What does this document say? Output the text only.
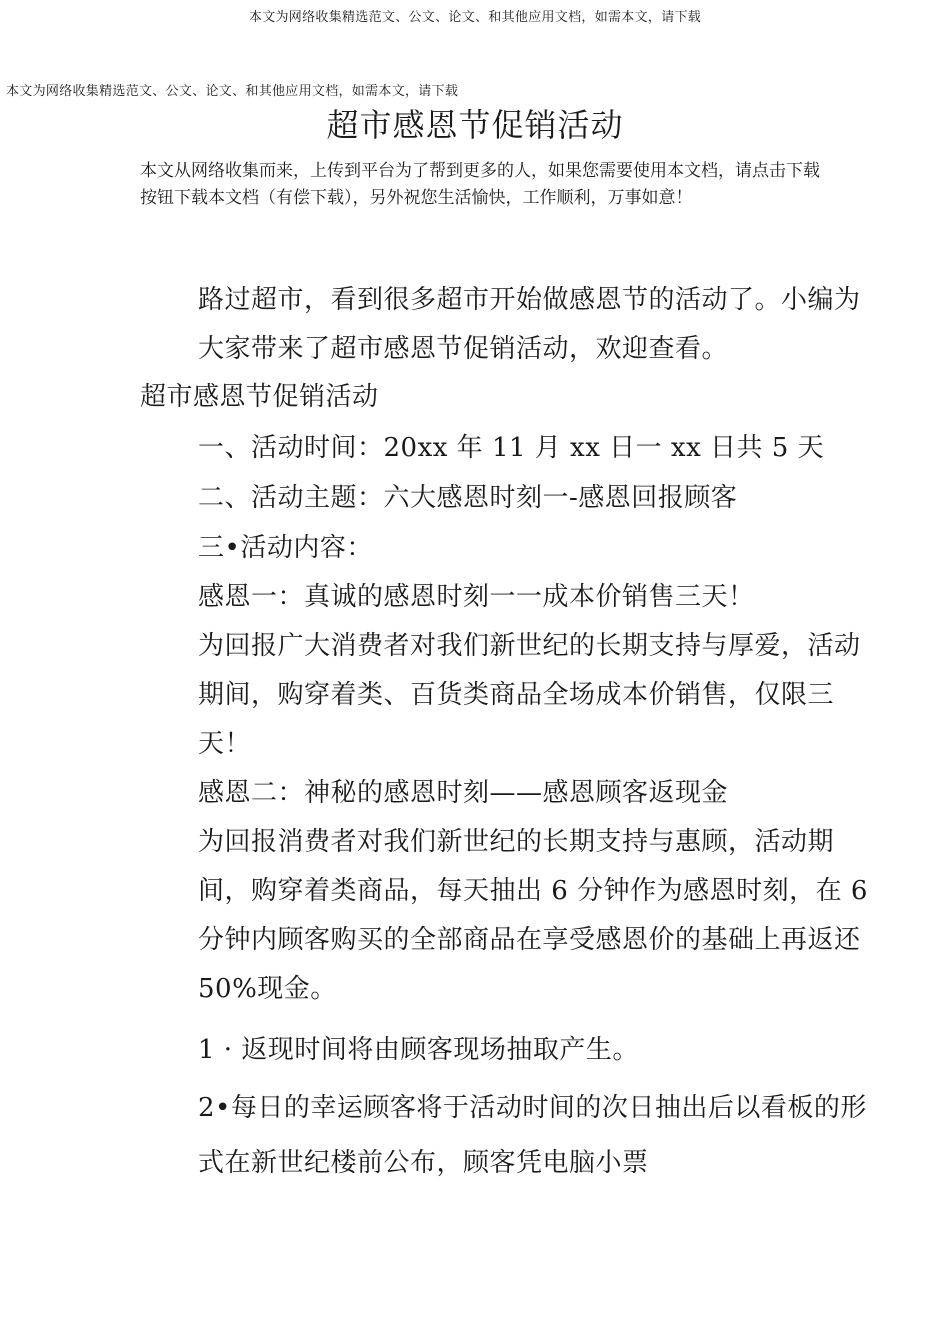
本文为网络收集精选范文、公文、论文、和其他应用文档，如需本文，请下载
本文为网络收集精选范文、公文、论文、和其他应用文档，如需本文，请下载
超市感恩节促销活动

本文从网络收集而来，上传到平台为了帮到更多的人，如果您需要使用本文档，请点击下载按钮下载本文档（有偿下载），另外祝您生活愉快，工作顺利，万事如意！

路过超市，看到很多超市开始做感恩节的活动了。小编为大家带来了超市感恩节促销活动，欢迎查看。

超市感恩节促销活动

一、活动时间：20xx 年 11 月 xx 日一 xx 日共 5 天

二、活动主题：六大感恩时刻一-感恩回报顾客

三•活动内容：

感恩一：真诚的感恩时刻一一成本价销售三天！

为回报广大消费者对我们新世纪的长期支持与厚爱，活动期间，购穿着类、百货类商品全场成本价销售，仅限三天！

感恩二：神秘的感恩时刻——感恩顾客返现金

为回报消费者对我们新世纪的长期支持与惠顾，活动期间，购穿着类商品，每天抽出 6 分钟作为感恩时刻，在 6 分钟内顾客购买的全部商品在享受感恩价的基础上再返还 50%现金。

1 · 返现时间将由顾客现场抽取产生。

2•每日的幸运顾客将于活动时间的次日抽出后以看板的形式在新世纪楼前公布，顾客凭电脑小票
